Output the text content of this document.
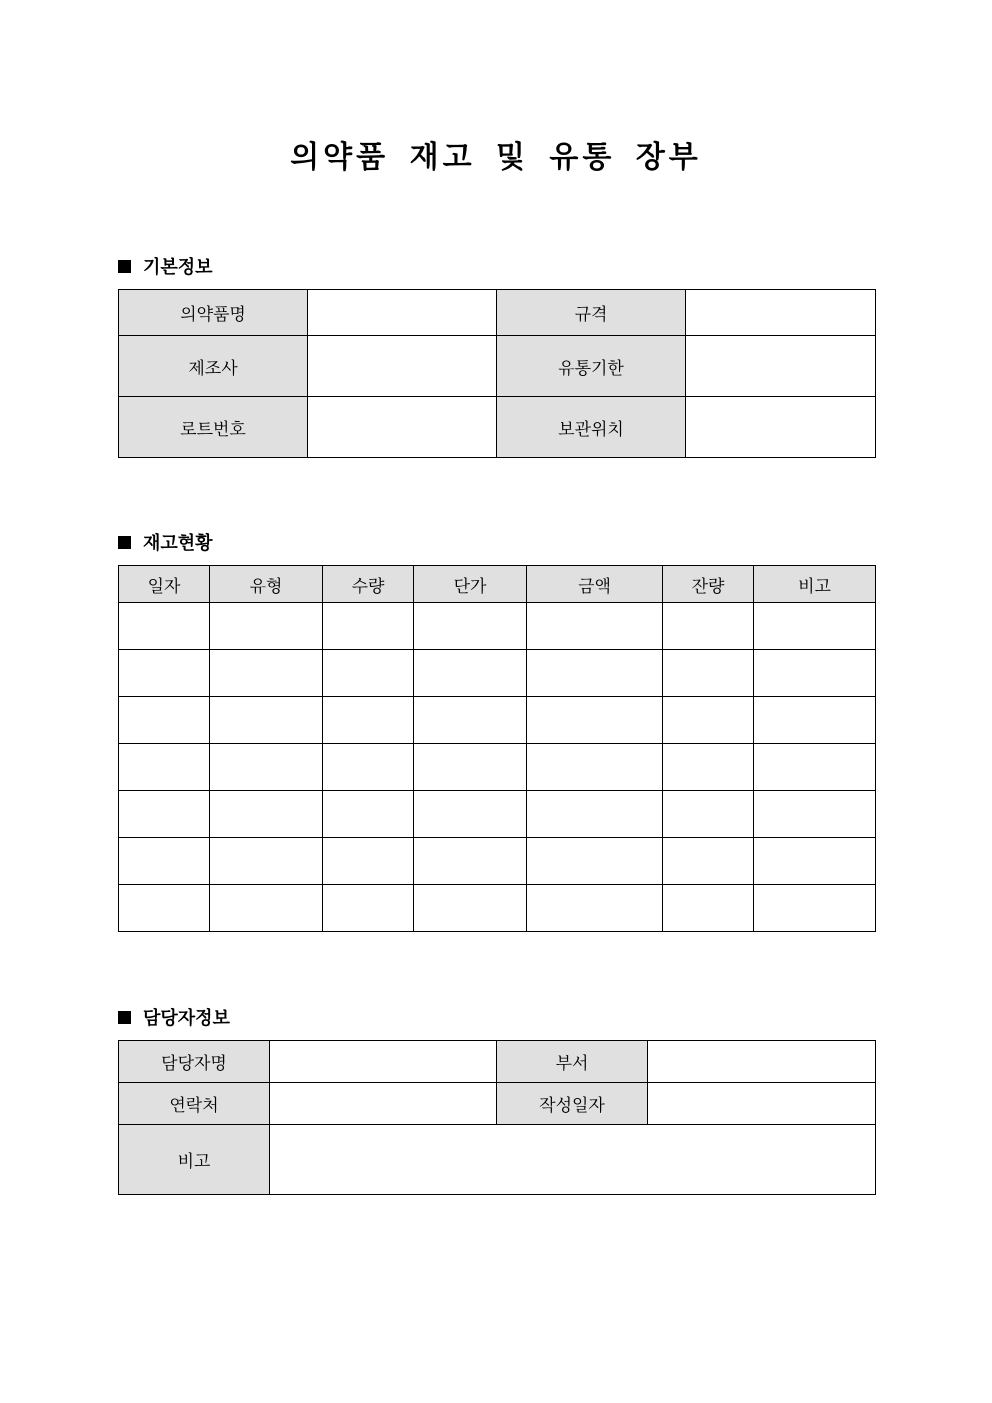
의약품 재고 및 유통 장부
기본정보
의약품명		규격	
제조사		유통기한	
로트번호		보관위치	
재고현황
일자	유형	수량	단가	금액	잔량	비고

담당자정보
담당자명		부서	
연락처		작성일자	
비고			
